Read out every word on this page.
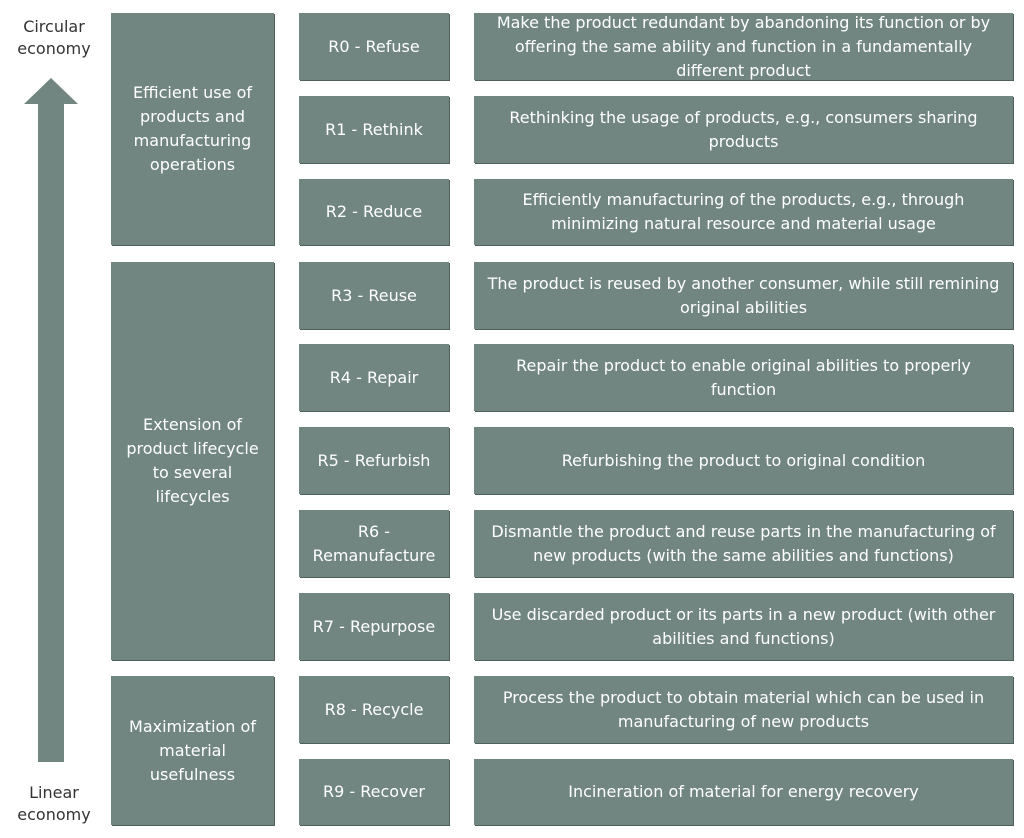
Circular economy
Linear economy
Efficient use of products and manufacturing operations
Extension of product lifecycle to several lifecycles
Maximization of material usefulness
R0 - Refuse
R1 - Rethink
R2 - Reduce
R3 - Reuse
R4 - Repair
R5 - Refurbish
R6 - Remanufacture
R7 - Repurpose
R8 - Recycle
R9 - Recover
Make the product redundant by abandoning its function or by offering the same ability and function in a fundamentally different product
Rethinking the usage of products, e.g., consumers sharing products
Efficiently manufacturing of the products, e.g., through minimizing natural resource and material usage
The product is reused by another consumer, while still remining original abilities
Repair the product to enable original abilities to properly function
Refurbishing the product to original condition
Dismantle the product and reuse parts in the manufacturing of new products (with the same abilities and functions)
Use discarded product or its parts in a new product (with other abilities and functions)
Process the product to obtain material which can be used in manufacturing of new products
Incineration of material for energy recovery
